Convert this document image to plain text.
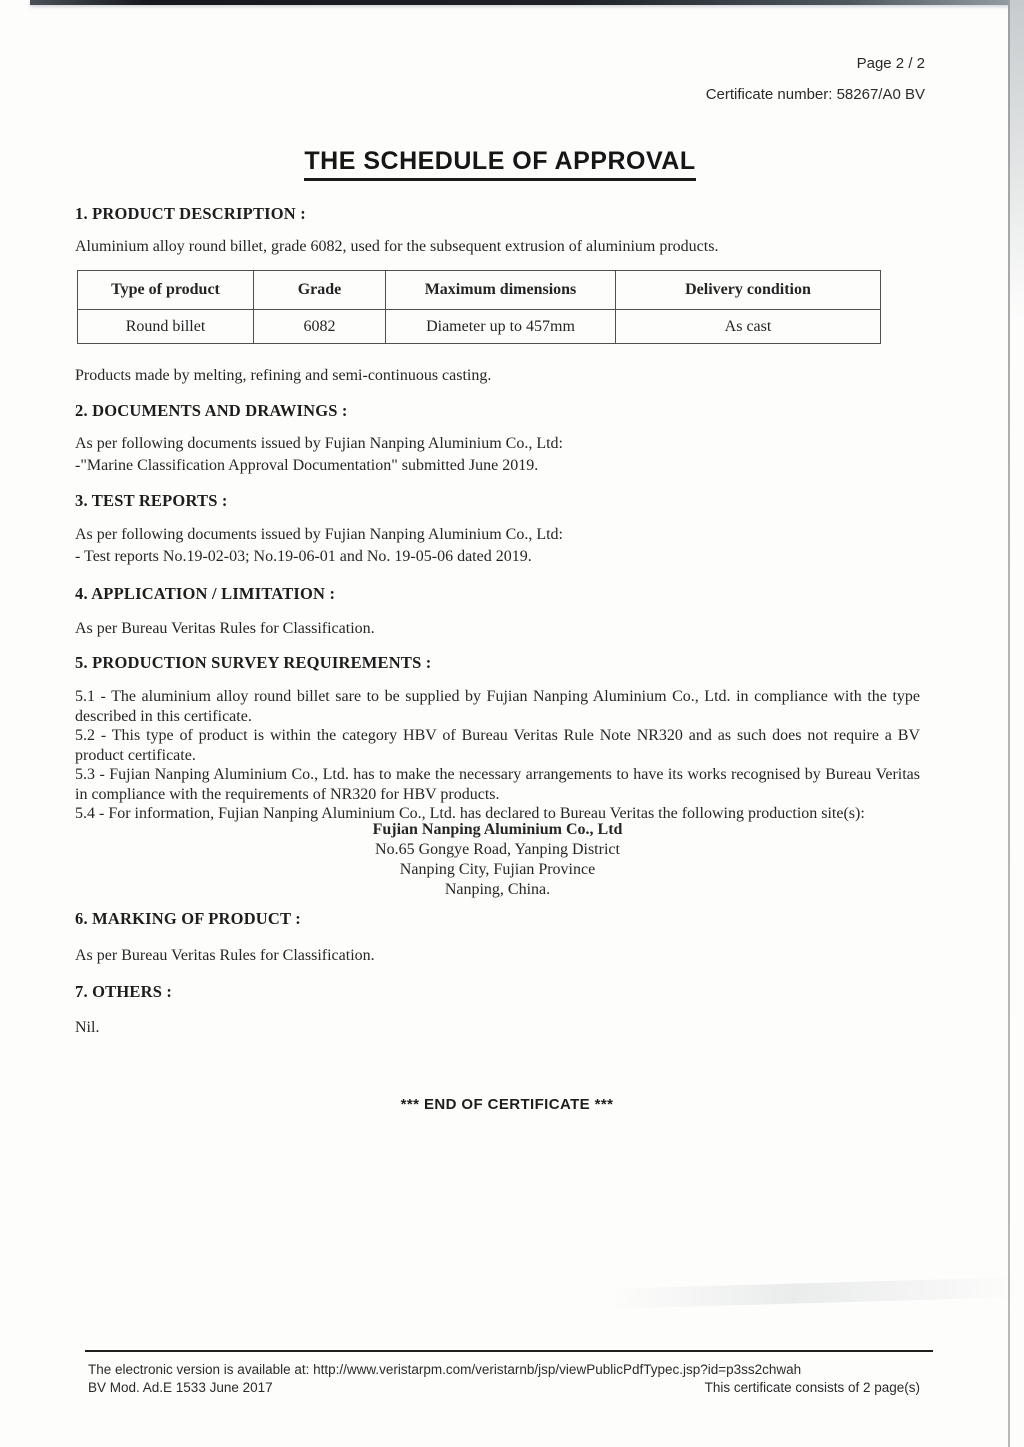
Page 2 / 2
Certificate number: 58267/A0 BV
THE SCHEDULE OF APPROVAL
1. PRODUCT DESCRIPTION :
Aluminium alloy round billet, grade 6082, used for the subsequent extrusion of aluminium products.
Type of product	Grade	Maximum dimensions	Delivery condition
Round billet	6082	Diameter up to 457mm	As cast
Products made by melting, refining and semi-continuous casting.
2. DOCUMENTS AND DRAWINGS :
As per following documents issued by Fujian Nanping Aluminium Co., Ltd:
-"Marine Classification Approval Documentation" submitted June 2019.
3. TEST REPORTS :
As per following documents issued by Fujian Nanping Aluminium Co., Ltd:
- Test reports No.19-02-03; No.19-06-01 and No. 19-05-06 dated 2019.
4. APPLICATION / LIMITATION :
As per Bureau Veritas Rules for Classification.
5. PRODUCTION SURVEY REQUIREMENTS :
5.1 - The aluminium alloy round billet sare to be supplied by Fujian Nanping Aluminium Co., Ltd. in compliance with the type described in this certificate.
5.2 - This type of product is within the category HBV of Bureau Veritas Rule Note NR320 and as such does not require a BV product certificate.
5.3 - Fujian Nanping Aluminium Co., Ltd. has to make the necessary arrangements to have its works recognised by Bureau Veritas in compliance with the requirements of NR320 for HBV products.
5.4 - For information, Fujian Nanping Aluminium Co., Ltd. has declared to Bureau Veritas the following production site(s):
Fujian Nanping Aluminium Co., Ltd
No.65 Gongye Road, Yanping District
Nanping City, Fujian Province
Nanping, China.
6. MARKING OF PRODUCT :
As per Bureau Veritas Rules for Classification.
7. OTHERS :
Nil.
*** END OF CERTIFICATE ***
The electronic version is available at: http://www.veristarpm.com/veristarnb/jsp/viewPublicPdfTypec.jsp?id=p3ss2chwah
BV Mod. Ad.E 1533 June 2017	This certificate consists of 2 page(s)
